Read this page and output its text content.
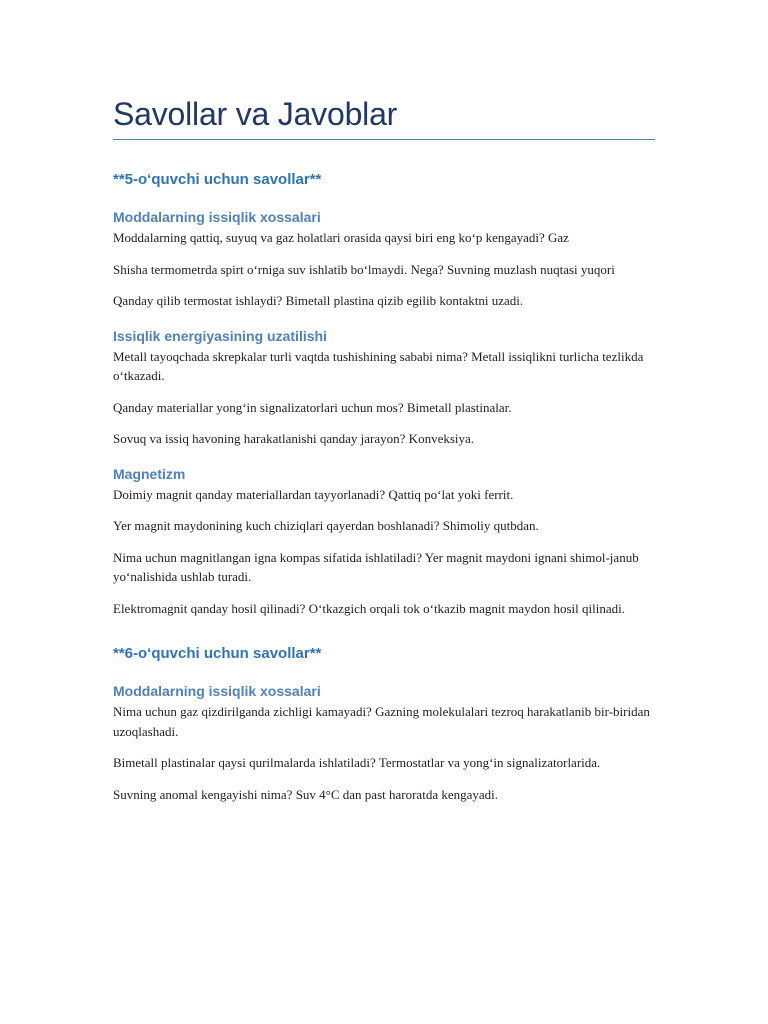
Savollar va Javoblar
**5-o‘quvchi uchun savollar**
Moddalarning issiqlik xossalari

Moddalarning qattiq, suyuq va gaz holatlari orasida qaysi biri eng ko‘p kengayadi? Gaz

Shisha termometrda spirt o‘rniga suv ishlatib bo‘lmaydi. Nega? Suvning muzlash nuqtasi yuqori

Qanday qilib termostat ishlaydi? Bimetall plastina qizib egilib kontaktni uzadi.

Issiqlik energiyasining uzatilishi

Metall tayoqchada skrepkalar turli vaqtda tushishining sababi nima? Metall issiqlikni turlicha tezlikda o‘tkazadi.

Qanday materiallar yong‘in signalizatorlari uchun mos? Bimetall plastinalar.

Sovuq va issiq havoning harakatlanishi qanday jarayon? Konveksiya.

Magnetizm

Doimiy magnit qanday materiallardan tayyorlanadi? Qattiq po‘lat yoki ferrit.

Yer magnit maydonining kuch chiziqlari qayerdan boshlanadi? Shimoliy qutbdan.

Nima uchun magnitlangan igna kompas sifatida ishlatiladi? Yer magnit maydoni ignani shimol-janub yo‘nalishida ushlab turadi.

Elektromagnit qanday hosil qilinadi? O‘tkazgich orqali tok o‘tkazib magnit maydon hosil qilinadi.

**6-o‘quvchi uchun savollar**
Moddalarning issiqlik xossalari

Nima uchun gaz qizdirilganda zichligi kamayadi? Gazning molekulalari tezroq harakatlanib bir-biridan uzoqlashadi.

Bimetall plastinalar qaysi qurilmalarda ishlatiladi? Termostatlar va yong‘in signalizatorlarida.

Suvning anomal kengayishi nima? Suv 4°C dan past haroratda kengayadi.
